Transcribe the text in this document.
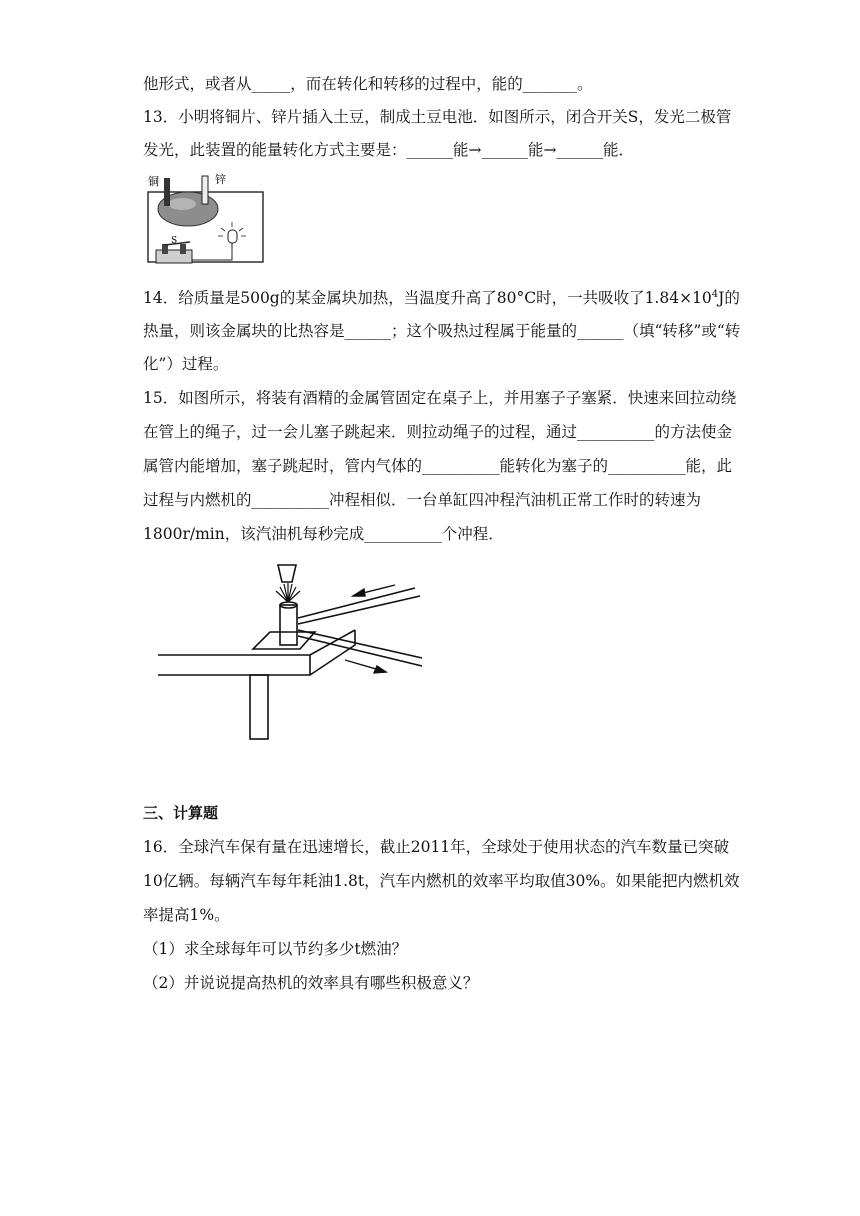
他形式，或者从_____，而在转化和转移的过程中，能的_______。
13．小明将铜片、锌片插入土豆，制成土豆电池．如图所示，闭合开关S，发光二极管
发光，此装置的能量转化方式主要是：______能→______能→______能．
铜	锌
S
14．给质量是500g的某金属块加热，当温度升高了80°C时，一共吸收了$1.84\times 10^4J$的
热量，则该金属块的比热容是______；这个吸热过程属于能量的______（填“转移”或“转
化”）过程。
15．如图所示，将装有酒精的金属管固定在桌子上，并用塞子子塞紧．快速来回拉动绕
在管上的绳子，过一会儿塞子跳起来．则拉动绳子的过程，通过__________的方法使金
属管内能增加，塞子跳起时，管内气体的__________能转化为塞子的__________能，此
过程与内燃机的__________冲程相似．一台单缸四冲程汽油机正常工作时的转速为
1800r/min，该汽油机每秒完成__________个冲程．
三、计算题
16．全球汽车保有量在迅速增长，截止2011年，全球处于使用状态的汽车数量已突破
10亿辆。每辆汽车每年耗油1.8t，汽车内燃机的效率平均取值30%。如果能把内燃机效
率提高1%。
（1）求全球每年可以节约多少t燃油？
（2）并说说提高热机的效率具有哪些积极意义？
